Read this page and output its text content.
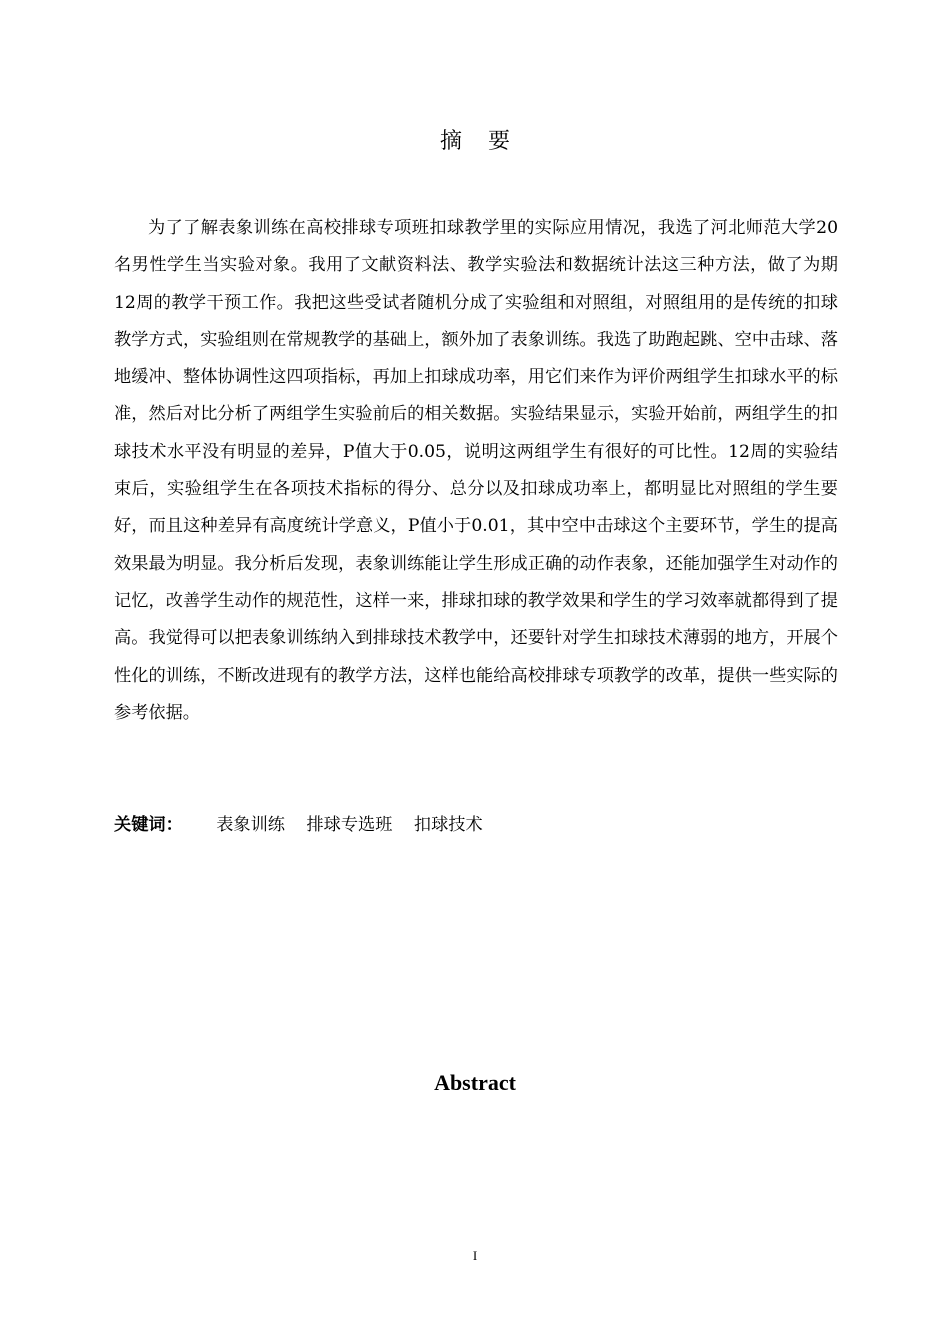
摘要

为了了解表象训练在高校排球专项班扣球教学里的实际应用情况，我选了河北师范大学20名男性学生当实验对象。我用了文献资料法、教学实验法和数据统计法这三种方法，做了为期12周的教学干预工作。我把这些受试者随机分成了实验组和对照组，对照组用的是传统的扣球教学方式，实验组则在常规教学的基础上，额外加了表象训练。我选了助跑起跳、空中击球、落地缓冲、整体协调性这四项指标，再加上扣球成功率，用它们来作为评价两组学生扣球水平的标准，然后对比分析了两组学生实验前后的相关数据。实验结果显示，实验开始前，两组学生的扣球技术水平没有明显的差异，P值大于0.05，说明这两组学生有很好的可比性。12周的实验结束后，实验组学生在各项技术指标的得分、总分以及扣球成功率上，都明显比对照组的学生要好，而且这种差异有高度统计学意义，P值小于0.01，其中空中击球这个主要环节，学生的提高效果最为明显。我分析后发现，表象训练能让学生形成正确的动作表象，还能加强学生对动作的记忆，改善学生动作的规范性，这样一来，排球扣球的教学效果和学生的学习效率就都得到了提高。我觉得可以把表象训练纳入到排球技术教学中，还要针对学生扣球技术薄弱的地方，开展个性化的训练，不断改进现有的教学方法，这样也能给高校排球专项教学的改革，提供一些实际的参考依据。

关键词： 表象训练 排球专选班 扣球技术
Abstract
I
